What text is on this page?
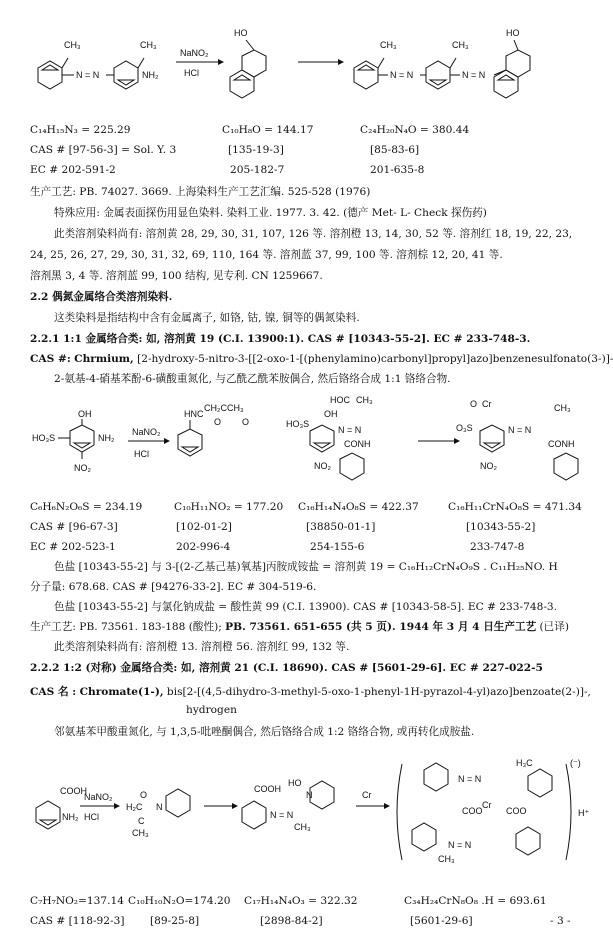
CH₃
N = N
CH₃
NH₂
NaNO₂
HCl
HO
CH₃
N = N
CH₃
N = N
HO
C₁₄H₁₅N₃ = 225.29	C₁₀H₈O = 144.17	C₂₄H₂₀N₄O = 380.44
CAS # [97-56-3] = Sol. Y. 3	[135-19-3]	[85-83-6]
EC # 202-591-2	205-182-7	201-635-8
生产工艺: PB. 74027. 3669. 上海染料生产工艺汇编. 525-528 (1976)
特殊应用: 金属表面探伤用显色染料. 染料工业. 1977. 3. 42. (德产 Met- L- Check 探伤药)
此类溶剂染料尚有: 溶剂黄 28, 29, 30, 31, 107, 126 等. 溶剂橙 13, 14, 30, 52 等. 溶剂红 18, 19, 22, 23,
24, 25, 26, 27, 29, 30, 31, 32, 69, 110, 164 等. 溶剂蓝 37, 99, 100 等. 溶剂棕 12, 20, 41 等.
溶剂黑 3, 4 等. 溶剂蓝 99, 100 结构, 见专利. CN 1259667.
2.2 偶氮金属络合类溶剂染料.
这类染料是指结构中含有金属离子, 如铬, 钴, 镍, 铜等的偶氮染料.
2.2.1 1:1 金属络合类: 如, 溶剂黄 19 (C.I. 13900:1). CAS # [10343-55-2]. EC # 233-748-3.
CAS #: Chrmium, [2-hydroxy-5-nitro-3-[[2-oxo-1-[(phenylamino)carbonyl]propyl]azo]benzenesulfonato(3-)]-
2-氨基-4-硝基苯酚-6-磺酸重氮化, 与乙酰乙酰苯胺偶合, 然后铬络合成 1:1 铬络合物.
OH
HO₃S	NH₂
NO₂
NaNO₂
HCl
HNC
CH₂CCH₃
O O
HOC CH₃
HO₃S
OH
N = N
CONH
NO₂
O Cr	CH₃
O₃S	N = N
CONH
NO₂
C₆H₆N₂O₆S = 234.19	C₁₀H₁₁NO₂ = 177.20 C₁₆H₁₄N₄O₈S = 422.37	C₁₆H₁₁CrN₄O₈S = 471.34
CAS # [96-67-3]	[102-01-2]	[38850-01-1]	[10343-55-2]
EC # 202-523-1	202-996-4	254-155-6	233-747-8
色盐 [10343-55-2] 与 3-[(2-乙基己基)氧基]丙胺成铵盐 = 溶剂黄 19 = C₁₆H₁₂CrN₄O₉S . C₁₁H₂₅NO. H
分子量: 678.68. CAS # [94276-33-2]. EC # 304-519-6.
色盐 [10343-55-2] 与氯化钠成盐 = 酸性黄 99 (C.I. 13900). CAS # [10343-58-5]. EC # 233-748-3.
生产工艺: PB. 73561. 183-188 (酸性); PB. 73561. 651-655 (共 5 页). 1944 年 3 月 4 日生产工艺 (已译)
此类溶剂染料尚有: 溶剂橙 13. 溶剂橙 56. 溶剂红 99, 132 等.
2.2.2 1:2 (对称) 金属络合类: 如, 溶剂黄 21 (C.I. 18690). CAS # [5601-29-6]. EC # 227-022-5
CAS 名 : Chromate(1-), bis[2-[(4,5-dihydro-3-methyl-5-oxo-1-phenyl-1H-pyrazol-4-yl)azo]benzoate(2-)]-,
hydrogen
邻氨基苯甲酸重氮化, 与 1,3,5-吡唑酮偶合, 然后铬络合成 1:2 铬络合物, 或再转化成胺盐.
COOH
NH₂
NaNO₂
HCl
H₂C
O
N
C
CH₃
COOH
N = N
HO
N
CH₃
Cr
(⁻)
H⁺
H₃C
N = N
COO
Cr
COO
N = N
CH₃
C₇H₇NO₂=137.14 C₁₀H₁₀N₂O=174.20 C₁₇H₁₄N₄O₃ = 322.32	C₃₄H₂₄CrN₈O₈ .H = 693.61
CAS # [118-92-3] [89-25-8]	[2898-84-2]	[5601-29-6]	- 3 -
